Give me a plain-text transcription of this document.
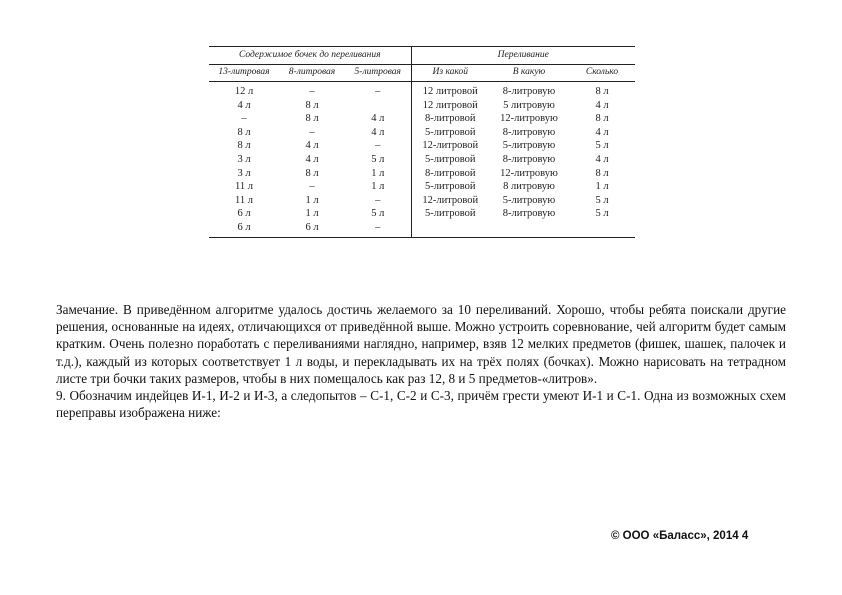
Содержимое бочек до переливания			Переливание		
13-литровая	8-литровая	5-литровая	Из какой	В какую	Сколько
12 л	–	–	12 литровой	8-литровую	8 л
4 л	8 л		12 литровой	5 литровую	4 л
–	8 л	4 л	8-литровой	12-литровую	8 л
8 л	–	4 л	5-литровой	8-литровую	4 л
8 л	4 л	–	12-литровой	5-литровую	5 л
3 л	4 л	5 л	5-литровой	8-литровую	4 л
3 л	8 л	1 л	8-литровой	12-литровую	8 л
11 л	–	1 л	5-литровой	8 литровую	1 л
11 л	1 л	–	12-литровой	5-литровую	5 л
6 л	1 л	5 л	5-литровой	8-литровую	5 л
6 л	6 л	–			

Замечание. В приведённом алгоритме удалось достичь желаемого за 10 переливаний. Хорошо, чтобы ребята поискали другие решения, основанные на идеях, отличающихся от приведённой выше. Можно устроить соревнование, чей алгоритм будет самым кратким. Очень полезно поработать с переливаниями наглядно, например, взяв 12 мелких предметов (фишек, шашек, палочек и т.д.), каждый из которых соответствует 1 л воды, и перекладывать их на трёх полях (бочках). Можно нарисовать на тетрадном листе три бочки таких размеров, чтобы в них помещалось как раз 12, 8 и 5 предметов-«литров».

9. Обозначим индейцев И-1, И-2 и И-3, а следопытов – С-1, С-2 и С-3, причём грести умеют И-1 и С-1. Одна из возможных схем переправы изображена ниже:

© ООО «Баласс», 2014 4
